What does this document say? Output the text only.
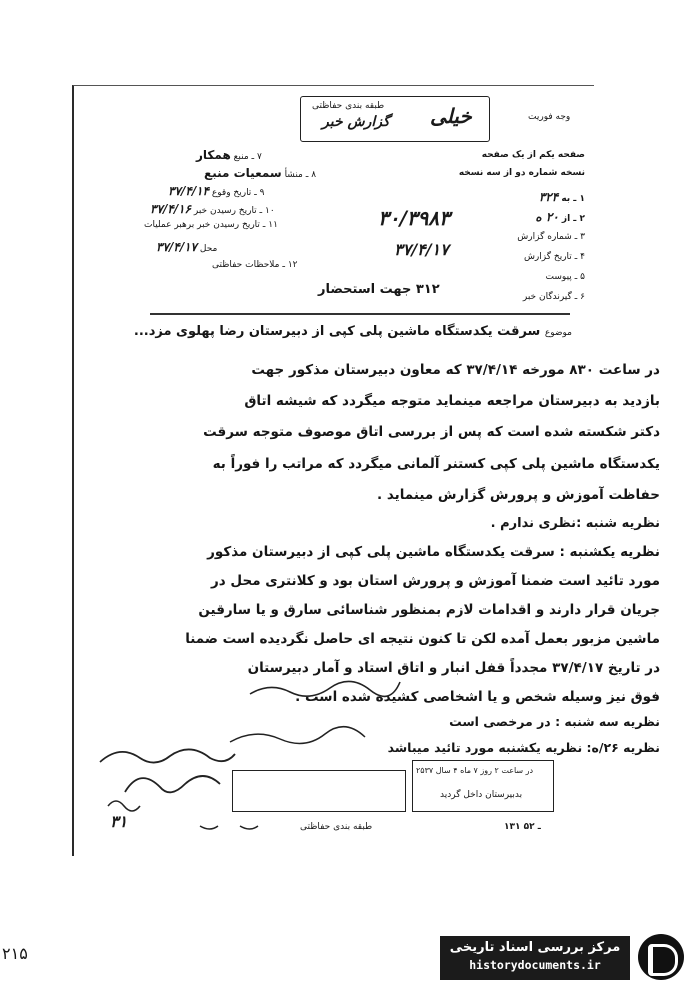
طبقه بندی حفاظتی
گزارش خبر خیلی	وجه فوریت
صفحه یکم از یک صفحه
نسخه شماره دو از سه نسخه
۱ ـ به ۳۲۴
۲ ـ از ۲۰ ه
۳ ـ شماره گزارش
۳۰/۳۹۸۳
۴ ـ تاریخ گزارش
۳۷/۴/۱۷
۵ ـ پیوست
۶ ـ گیرندگان خبر
۳۱۲ جهت استحضار
۷ ـ منبع همکار
۸ ـ منشأ سمعیات منبع
۹ ـ تاریخ وقوع ۳۷/۴/۱۴
۱۰ ـ تاریخ رسیدن خبر ۳۷/۴/۱۶
۱۱ ـ تاریخ رسیدن خبر برهبر عملیات
محل ۳۷/۴/۱۷
۱۲ ـ ملاحظات حفاظتی
موضوع سرقت یکدستگاه ماشین پلی کپی از دبیرستان رضا پهلوی مزد...
در ساعت ۸۳۰ مورخه ۳۷/۴/۱۴ که معاون دبیرستان مذکور جهت
بازدید به دبیرستان مراجعه مینماید متوجه میگردد که شیشه اتاق
دکتر شکسته شده است که پس از بررسی اتاق موصوف متوجه سرقت
یکدستگاه ماشین پلی کپی کستنر آلمانی میگردد که مراتب را فوراً به
حفاظت آموزش و پرورش گزارش مینماید .
نظریه شنبه :نظری ندارم .
نظریه یکشنبه : سرقت یکدستگاه ماشین پلی کپی از دبیرستان مذکور
مورد تائید است ضمنا آموزش و پرورش استان بود و کلانتری محل در
جریان قرار دارند و اقدامات لازم بمنظور شناسائی سارق و یا سارقین
ماشین مزبور بعمل آمده لکن تا کنون نتیجه ای حاصل نگردیده است ضمنا
در تاریخ ۳۷/۴/۱۷ مجدداً قفل انبار و اتاق استاد و آمار دبیرستان
فوق نیز وسیله شخص و یا اشخاصی کشیده شده است .
نظریه سه شنبه : در مرخصی است
نظریه ۲۶/ه: نظریه یکشنبه مورد تائید میباشد
در ساعت ۲ روز ۷ ماه ۴ سال ۲۵۳۷
بدبیرستان داخل گردید
طبقه بندی حفاظتی	۱۳۱ ـ ۵۲
۳۱
۲۱۵	مرکز بررسی اسناد تاریخی
historydocuments.ir
